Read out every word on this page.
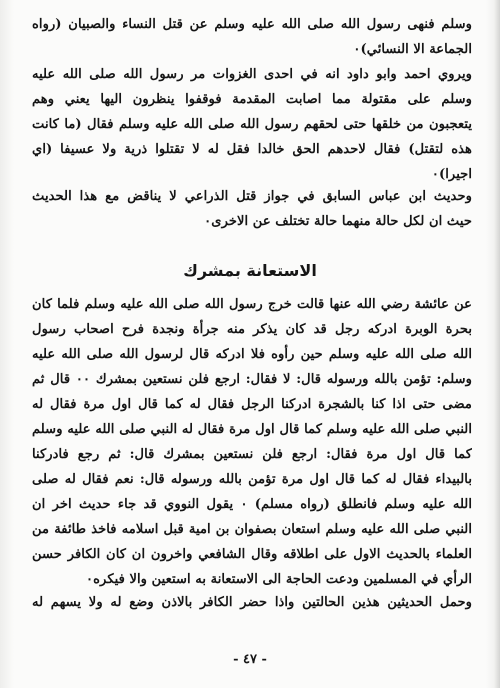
وسلم فنهى رسول الله صلى الله عليه وسلم عن قتل النساء والصبيان (رواه
الجماعة الا النسائي)٠
ويروي احمد وابو داود انه في احدى الغزوات مر رسول الله صلى الله عليه
وسلم على مقتولة مما اصابت المقدمة فوقفوا ينظرون اليها يعني وهم
يتعجبون من خلقها حتى لحقهم رسول الله صلى الله عليه وسلم فقال (ما كانت
هذه لتقتل) فقال لاحدهم الحق خالدا فقل له لا تقتلوا ذرية ولا عسيفا (اي
اجيرا)٠
وحديث ابن عباس السابق في جواز قتل الذراعي لا يناقض مع هذا الحديث
حيث ان لكل حالة منهما حالة تختلف عن الاخرى٠
الاستعانة بمشرك
عن عائشة رضي الله عنها قالت خرج رسول الله صلى الله عليه وسلم فلما كان
بحرة الوبرة ادركه رجل قد كان يذكر منه جرأة ونجدة فرح اصحاب رسول
الله صلى الله عليه وسلم حين رأوه فلا ادركه قال لرسول الله صلى الله عليه
وسلم: تؤمن بالله ورسوله قال: لا فقال: ارجع فلن نستعين بمشرك ٠٠ قال ثم
مضى حتى اذا كنا بالشجرة ادركنا الرجل فقال له كما قال اول مرة فقال له
النبي صلى الله عليه وسلم كما قال اول مرة فقال له النبي صلى الله عليه وسلم
كما قال اول مرة فقال: ارجع فلن نستعين بمشرك قال: ثم رجع فادركنا
بالبيداء فقال له كما قال اول مرة تؤمن بالله ورسوله قال: نعم فقال له صلى
الله عليه وسلم فانطلق (رواه مسلم) ٠ يقول النووي قد جاء حديث اخر ان
النبي صلى الله عليه وسلم استعان بصفوان بن امية قبل اسلامه فاخذ طائفة من
العلماء بالحديث الاول على اطلاقه وقال الشافعي واخرون ان كان الكافر حسن
الرأي في المسلمين ودعت الحاجة الى الاستعانة به استعين والا فيكره٠
وحمل الحديثين هذين الحالتين واذا حضر الكافر بالاذن وضع له ولا يسهم له
- ٤٧ -
